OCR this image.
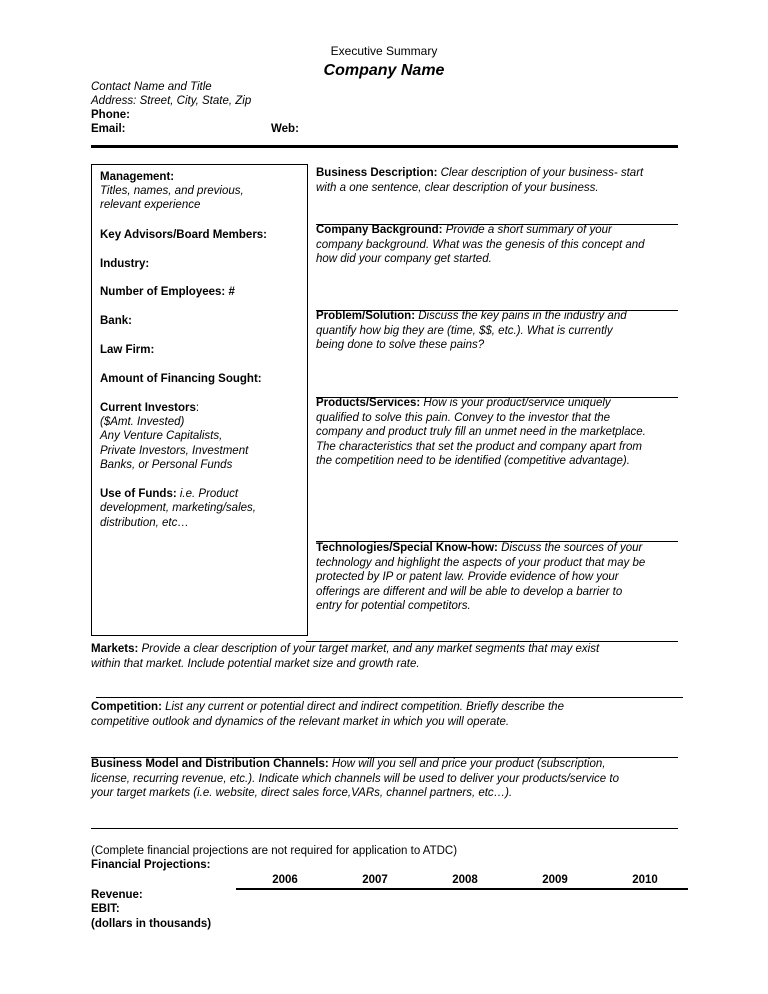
Executive Summary
Company Name
Contact Name and Title
Address: Street, City, State, Zip
Phone:
Email:	Web:
Management:
Titles, names, and previous,
relevant experience
Key Advisors/Board Members:
Industry:
Number of Employees: #
Bank:
Law Firm:
Amount of Financing Sought:
Current Investors:
($Amt. Invested)
Any Venture Capitalists,
Private Investors, Investment
Banks, or Personal Funds
Use of Funds: i.e. Product
development, marketing/sales,
distribution, etc…
Business Description: Clear description of your business- start
with a one sentence, clear description of your business.
Company Background: Provide a short summary of your
company background. What was the genesis of this concept and
how did your company get started.
Problem/Solution: Discuss the key pains in the industry and
quantify how big they are (time, $$, etc.). What is currently
being done to solve these pains?
Products/Services: How is your product/service uniquely
qualified to solve this pain. Convey to the investor that the
company and product truly fill an unmet need in the marketplace.
The characteristics that set the product and company apart from
the competition need to be identified (competitive advantage).
Technologies/Special Know-how: Discuss the sources of your
technology and highlight the aspects of your product that may be
protected by IP or patent law. Provide evidence of how your
offerings are different and will be able to develop a barrier to
entry for potential competitors.
Markets: Provide a clear description of your target market, and any market segments that may exist
within that market. Include potential market size and growth rate.
Competition: List any current or potential direct and indirect competition. Briefly describe the
competitive outlook and dynamics of the relevant market in which you will operate.
Business Model and Distribution Channels: How will you sell and price your product (subscription,
license, recurring revenue, etc.). Indicate which channels will be used to deliver your products/service to
your target markets (i.e. website, direct sales force,VARs, channel partners, etc…).
(Complete financial projections are not required for application to ATDC)
Financial Projections:
2006	2007	2008	2009	2010
Revenue:
EBIT:
(dollars in thousands)
